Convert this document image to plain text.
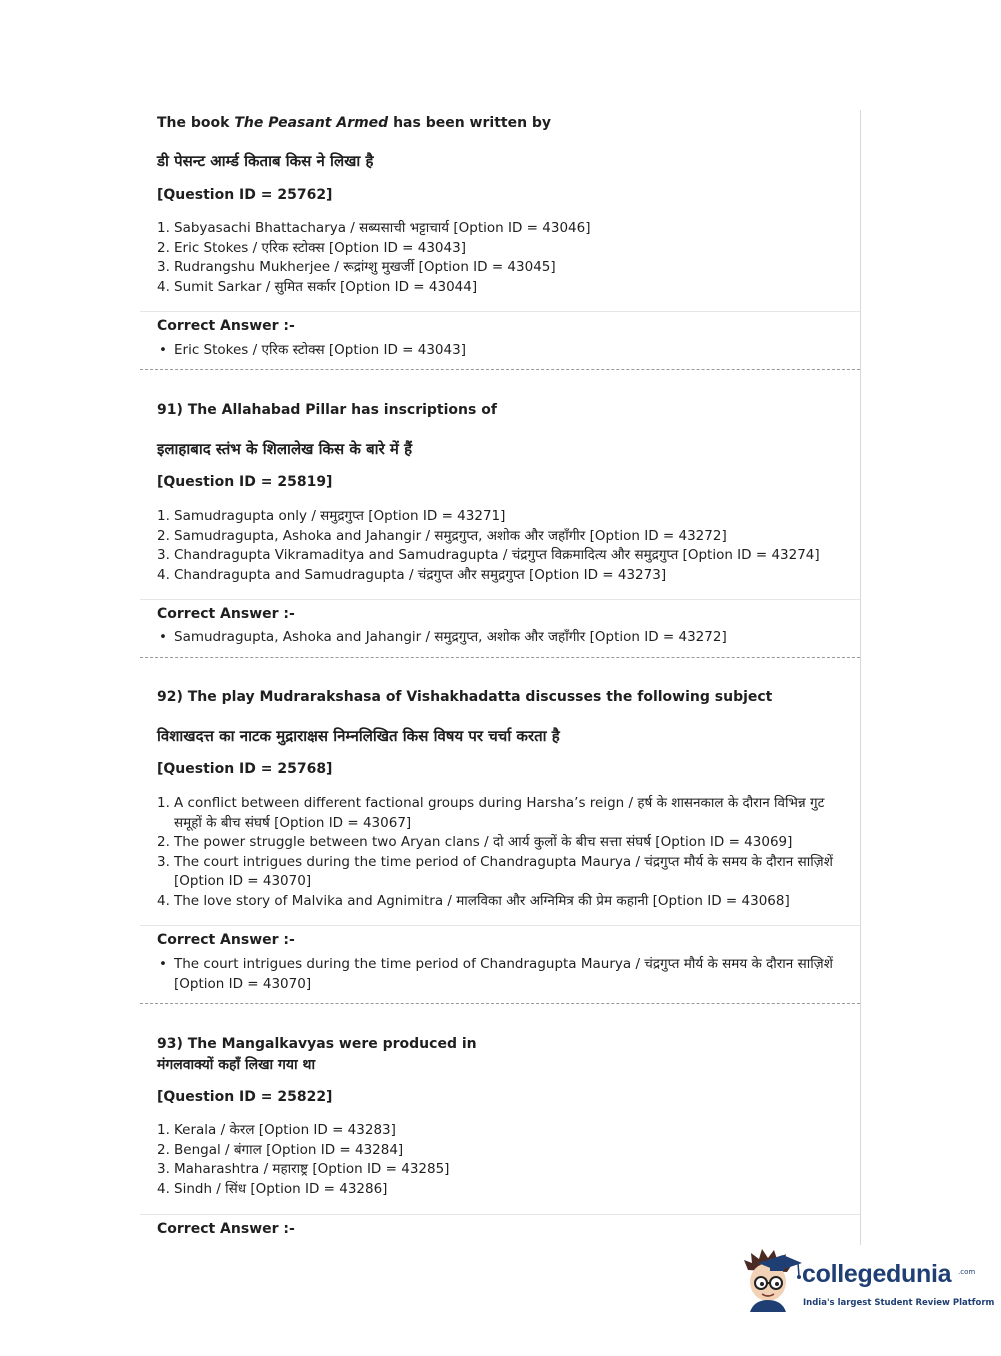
The book The Peasant Armed has been written by
डी पेसन्ट आर्म्ड किताब किस ने लिखा है
[Question ID = 25762]
1. Sabyasachi Bhattacharya / सब्यसाची भट्टाचार्य [Option ID = 43046]
2. Eric Stokes / एरिक स्टोक्स [Option ID = 43043]
3. Rudrangshu Mukherjee / रूद्रांग्शु मुखर्जी [Option ID = 43045]
4. Sumit Sarkar / सुमित सर्कार [Option ID = 43044]
Correct Answer :-
• Eric Stokes / एरिक स्टोक्स [Option ID = 43043]
91) The Allahabad Pillar has inscriptions of
इलाहाबाद स्तंभ के शिलालेख किस के बारे में हैं
[Question ID = 25819]
1. Samudragupta only / समुद्रगुप्त [Option ID = 43271]
2. Samudragupta, Ashoka and Jahangir / समुद्रगुप्त, अशोक और जहाँगीर [Option ID = 43272]
3. Chandragupta Vikramaditya and Samudragupta / चंद्रगुप्त विक्रमादित्य और समुद्रगुप्त [Option ID = 43274]
4. Chandragupta and Samudragupta / चंद्रगुप्त और समुद्रगुप्त [Option ID = 43273]
Correct Answer :-
• Samudragupta, Ashoka and Jahangir / समुद्रगुप्त, अशोक और जहाँगीर [Option ID = 43272]
92) The play Mudrarakshasa of Vishakhadatta discusses the following subject
विशाखदत्त का नाटक मुद्राराक्षस निम्नलिखित किस विषय पर चर्चा करता है
[Question ID = 25768]
1. A conflict between different factional groups during Harsha’s reign / हर्ष के शासनकाल के दौरान विभिन्न गुट समूहों के बीच संघर्ष [Option ID = 43067]
2. The power struggle between two Aryan clans / दो आर्य कुलों के बीच सत्ता संघर्ष [Option ID = 43069]
3. The court intrigues during the time period of Chandragupta Maurya / चंद्रगुप्त मौर्य के समय के दौरान साज़िशें [Option ID = 43070]
4. The love story of Malvika and Agnimitra / मालविका और अग्निमित्र की प्रेम कहानी [Option ID = 43068]
Correct Answer :-
• The court intrigues during the time period of Chandragupta Maurya / चंद्रगुप्त मौर्य के समय के दौरान साज़िशें [Option ID = 43070]
93) The Mangalkavyas were produced in
मंगलवाक्यों कहाँ लिखा गया था
[Question ID = 25822]
1. Kerala / केरल [Option ID = 43283]
2. Bengal / बंगाल [Option ID = 43284]
3. Maharashtra / महाराष्ट्र [Option ID = 43285]
4. Sindh / सिंध [Option ID = 43286]
Correct Answer :-
collegedunia .com
India's largest Student Review Platform
